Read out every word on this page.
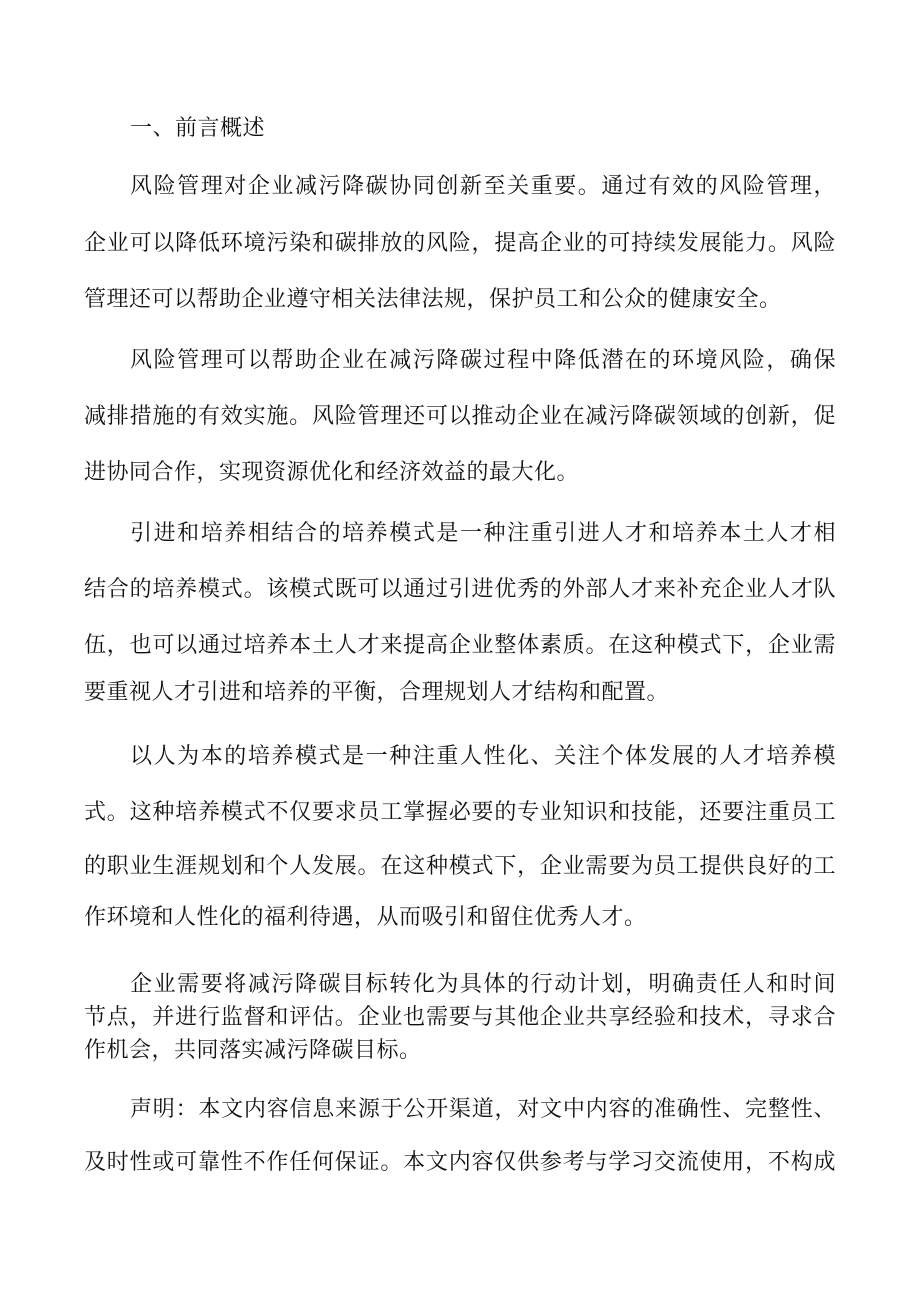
一、前言概述
风险管理对企业减污降碳协同创新至关重要。通过有效的风险管理，
企业可以降低环境污染和碳排放的风险，提高企业的可持续发展能力。风险
管理还可以帮助企业遵守相关法律法规，保护员工和公众的健康安全。
风险管理可以帮助企业在减污降碳过程中降低潜在的环境风险，确保
减排措施的有效实施。风险管理还可以推动企业在减污降碳领域的创新，促
进协同合作，实现资源优化和经济效益的最大化。
引进和培养相结合的培养模式是一种注重引进人才和培养本土人才相
结合的培养模式。该模式既可以通过引进优秀的外部人才来补充企业人才队
伍，也可以通过培养本土人才来提高企业整体素质。在这种模式下，企业需
要重视人才引进和培养的平衡，合理规划人才结构和配置。
以人为本的培养模式是一种注重人性化、关注个体发展的人才培养模
式。这种培养模式不仅要求员工掌握必要的专业知识和技能，还要注重员工
的职业生涯规划和个人发展。在这种模式下，企业需要为员工提供良好的工
作环境和人性化的福利待遇，从而吸引和留住优秀人才。
企业需要将减污降碳目标转化为具体的行动计划，明确责任人和时间
节点，并进行监督和评估。企业也需要与其他企业共享经验和技术，寻求合
作机会，共同落实减污降碳目标。
声明：本文内容信息来源于公开渠道，对文中内容的准确性、完整性、
及时性或可靠性不作任何保证。本文内容仅供参考与学习交流使用，不构成
